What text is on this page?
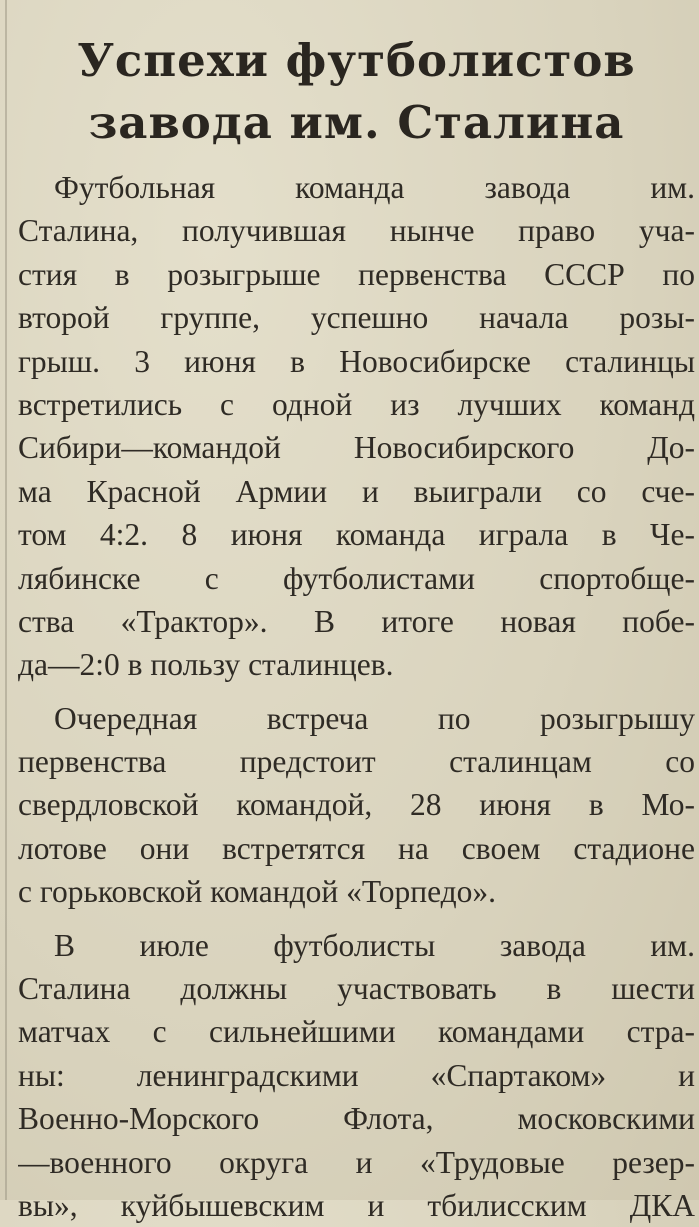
Успехи футболистов
завода им. Сталина

Футбольная команда завода им.
Сталина, получившая нынче право уча-
стия в розыгрыше первенства СССР по
второй группе, успешно начала розы-
грыш. 3 июня в Новосибирске сталинцы
встретились с одной из лучших команд
Сибири—командой Новосибирского До-
ма Красной Армии и выиграли со сче-
том 4:2. 8 июня команда играла в Че-
лябинске с футболистами спортобще-
ства «Трактор». В итоге новая побе-
да—2:0 в пользу сталинцев.

Очередная встреча по розыгрышу
первенства предстоит сталинцам со
свердловской командой, 28 июня в Мо-
лотове они встретятся на своем стадионе
с горьковской командой «Торпедо».

В июле футболисты завода им.
Сталина должны участвовать в шести
матчах с сильнейшими командами стра-
ны: ленинградскими «Спартаком» и
Военно-Морского Флота, московскими
—военного округа и «Трудовые резер-
вы», куйбышевским и тбилисским ДКА
